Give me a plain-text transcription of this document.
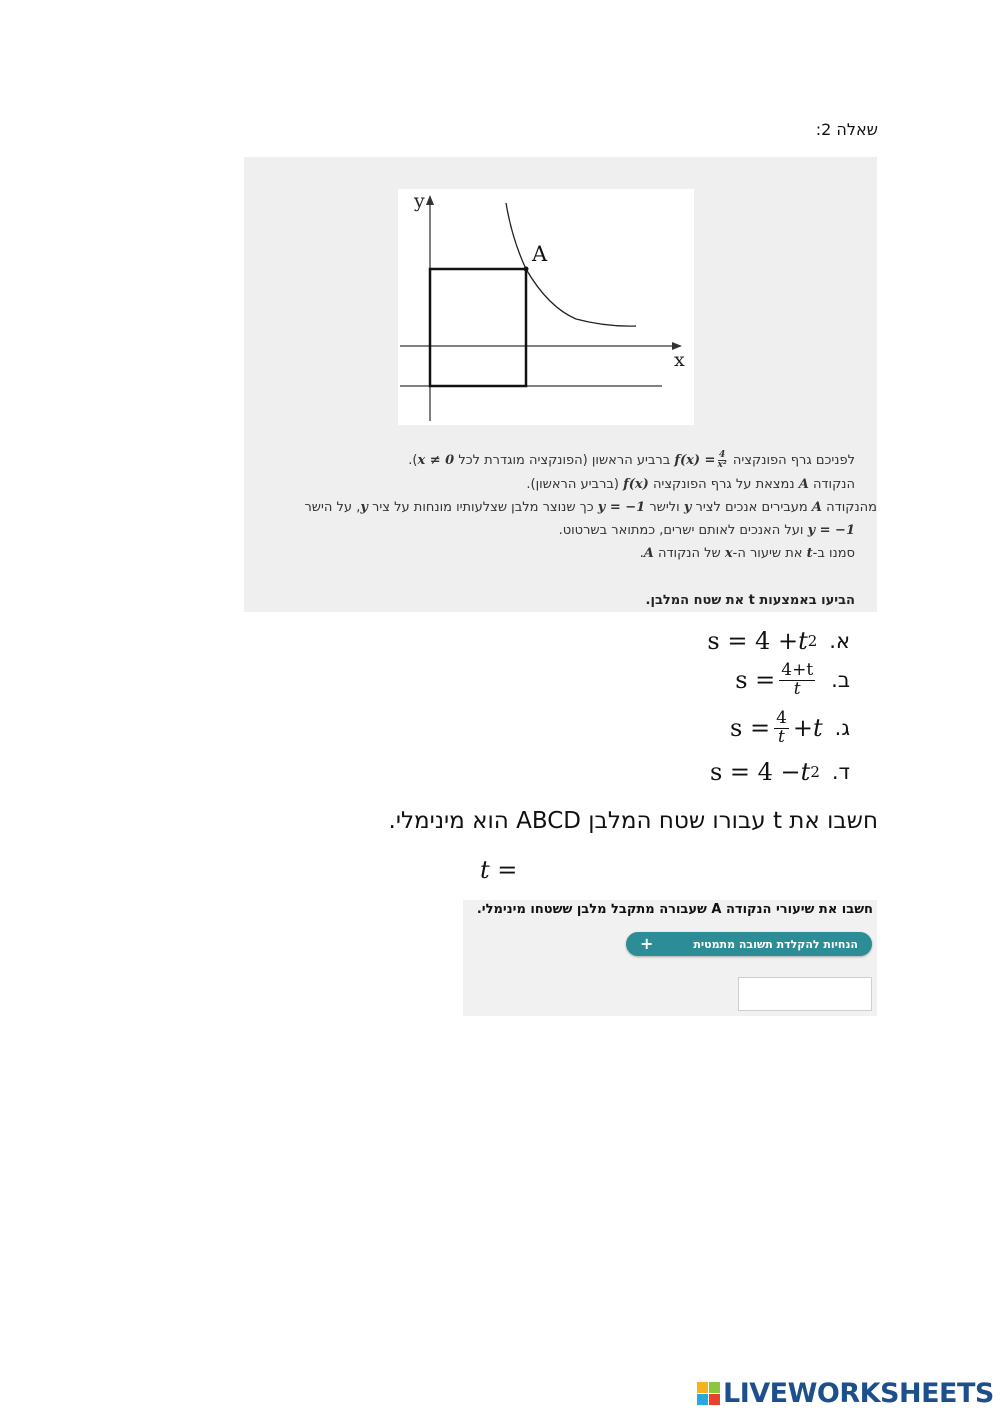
שאלה 2:
y
x
A
לפניכם גרף הפונקציה $f(x) = \frac{4}{\text{x²}}$
ברביע הראשון (הפונקציה מוגדרת לכל x ≠ 0).
הנקודה A נמצאת על גרף הפונקציה f(x) (ברביע הראשון).
מהנקודה A מעבירים אנכים לציר y ולישר y = −1 כך שנוצר מלבן שצלעותיו מונחות על ציר y, על הישר
y = −1 ועל האנכים לאותם ישרים, כמתואר בשרטוט.
סמנו ב-t את שיעור ה-x של הנקודה A.
הביעו באמצעות t את שטח המלבן.
א.
s = 4 + t 2
ב.
$s = \frac{4+t}{t}$
ג.
$s = \frac{4}{t} + t$
ד.
s = 4 − t 2
חשבו את t עבורו שטח המלבן ABCD הוא מינימלי.
t =
חשבו את שיעורי הנקודה A שעבורה מתקבל מלבן ששטחו מינימלי.
+	הנחיות להקלדת תשובה מתמטית
LIVEWORKSHEETS
